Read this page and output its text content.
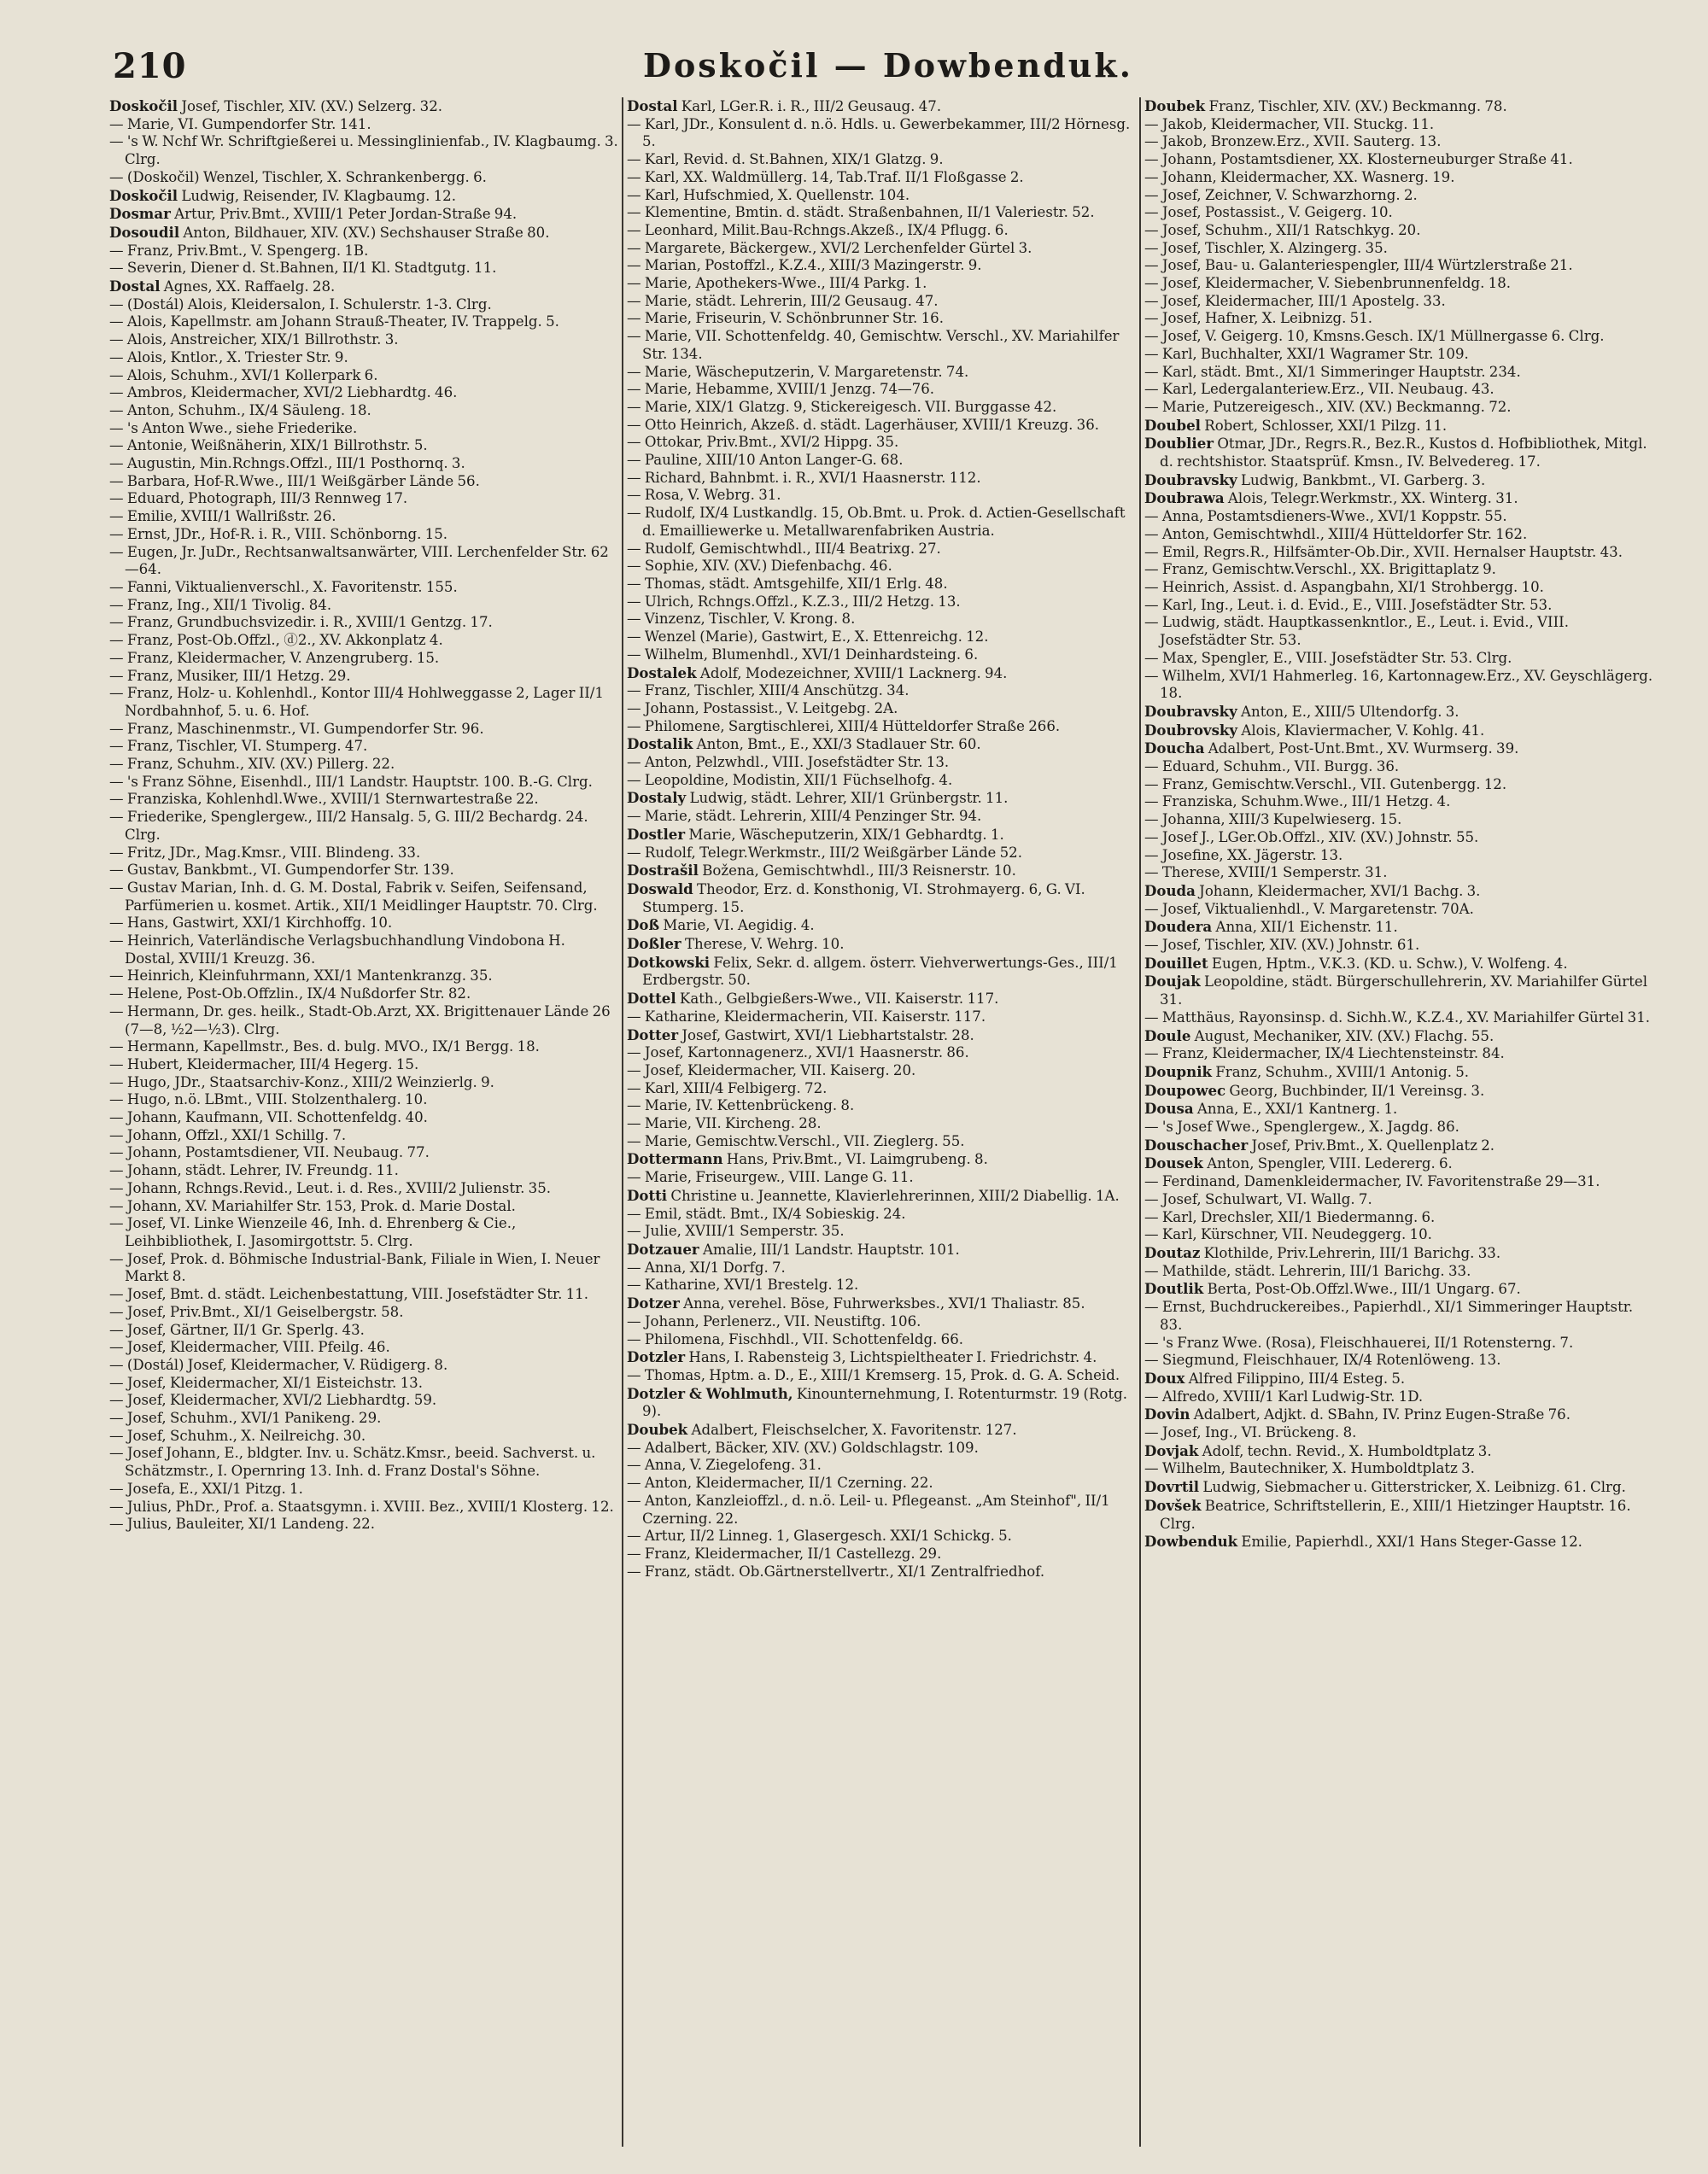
210	Doskočil — Dowbenduk.
Doskočil Josef, Tischler, XIV. (XV.) Selzerg. 32.
— Marie, VI. Gumpendorfer Str. 141.
— 's W. Nchf Wr. Schriftgießerei u. Messinglinienfab., IV. Klagbaumg. 3. Clrg.
— (Doskočil) Wenzel, Tischler, X. Schrankenbergg. 6.
Doskočil Ludwig, Reisender, IV. Klagbaumg. 12.
Dosmar Artur, Priv.Bmt., XVIII/1 Peter Jordan-Straße 94.
Dosoudil Anton, Bildhauer, XIV. (XV.) Sechshauser Straße 80.
— Franz, Priv.Bmt., V. Spengerg. 1B.
— Severin, Diener d. St.Bahnen, II/1 Kl. Stadtgutg. 11.
Dostal Agnes, XX. Raffaelg. 28.
— (Dostál) Alois, Kleidersalon, I. Schulerstr. 1-3. Clrg.
— Alois, Kapellmstr. am Johann Strauß-Theater, IV. Trappelg. 5.
— Alois, Anstreicher, XIX/1 Billrothstr. 3.
— Alois, Kntlor., X. Triester Str. 9.
— Alois, Schuhm., XVI/1 Kollerpark 6.
— Ambros, Kleidermacher, XVI/2 Liebhardtg. 46.
— Anton, Schuhm., IX/4 Säuleng. 18.
— 's Anton Wwe., siehe Friederike.
— Antonie, Weißnäherin, XIX/1 Billrothstr. 5.
— Augustin, Min.Rchngs.Offzl., III/1 Posthornq. 3.
— Barbara, Hof-R.Wwe., III/1 Weißgärber Lände 56.
— Eduard, Photograph, III/3 Rennweg 17.
— Emilie, XVIII/1 Wallrißstr. 26.
— Ernst, JDr., Hof-R. i. R., VIII. Schönborng. 15.
— Eugen, Jr. JuDr., Rechtsanwaltsanwärter, VIII. Lerchenfelder Str. 62—64.
— Fanni, Viktualienverschl., X. Favoritenstr. 155.
— Franz, Ing., XII/1 Tivolig. 84.
— Franz, Grundbuchsvizedir. i. R., XVIII/1 Gentzg. 17.
— Franz, Post-Ob.Offzl., ⓓ2., XV. Akkonplatz 4.
— Franz, Kleidermacher, V. Anzengruberg. 15.
— Franz, Musiker, III/1 Hetzg. 29.
— Franz, Holz- u. Kohlenhdl., Kontor III/4 Hohlweggasse 2, Lager II/1 Nordbahnhof, 5. u. 6. Hof.
— Franz, Maschinenmstr., VI. Gumpendorfer Str. 96.
— Franz, Tischler, VI. Stumperg. 47.
— Franz, Schuhm., XIV. (XV.) Pillerg. 22.
— 's Franz Söhne, Eisenhdl., III/1 Landstr. Hauptstr. 100. B.-G. Clrg.
— Franziska, Kohlenhdl.Wwe., XVIII/1 Sternwartestraße 22.
— Friederike, Spenglergew., III/2 Hansalg. 5, G. III/2 Bechardg. 24. Clrg.
— Fritz, JDr., Mag.Kmsr., VIII. Blindeng. 33.
— Gustav, Bankbmt., VI. Gumpendorfer Str. 139.
— Gustav Marian, Inh. d. G. M. Dostal, Fabrik v. Seifen, Seifensand, Parfümerien u. kosmet. Artik., XII/1 Meidlinger Hauptstr. 70. Clrg.
— Hans, Gastwirt, XXI/1 Kirchhoffg. 10.
— Heinrich, Vaterländische Verlagsbuchhandlung Vindobona H. Dostal, XVIII/1 Kreuzg. 36.
— Heinrich, Kleinfuhrmann, XXI/1 Mantenkranzg. 35.
— Helene, Post-Ob.Offzlin., IX/4 Nußdorfer Str. 82.
— Hermann, Dr. ges. heilk., Stadt-Ob.Arzt, XX. Brigittenauer Lände 26 (7—8, ½2—½3). Clrg.
— Hermann, Kapellmstr., Bes. d. bulg. MVO., IX/1 Bergg. 18.
— Hubert, Kleidermacher, III/4 Hegerg. 15.
— Hugo, JDr., Staatsarchiv-Konz., XIII/2 Weinzierlg. 9.
— Hugo, n.ö. LBmt., VIII. Stolzenthalerg. 10.
— Johann, Kaufmann, VII. Schottenfeldg. 40.
— Johann, Offzl., XXI/1 Schillg. 7.
— Johann, Postamtsdiener, VII. Neubaug. 77.
— Johann, städt. Lehrer, IV. Freundg. 11.
— Johann, Rchngs.Revid., Leut. i. d. Res., XVIII/2 Julienstr. 35.
— Johann, XV. Mariahilfer Str. 153, Prok. d. Marie Dostal.
— Josef, VI. Linke Wienzeile 46, Inh. d. Ehrenberg & Cie., Leihbibliothek, I. Jasomirgottstr. 5. Clrg.
— Josef, Prok. d. Böhmische Industrial-Bank, Filiale in Wien, I. Neuer Markt 8.
— Josef, Bmt. d. städt. Leichenbestattung, VIII. Josefstädter Str. 11.
— Josef, Priv.Bmt., XI/1 Geiselbergstr. 58.
— Josef, Gärtner, II/1 Gr. Sperlg. 43.
— Josef, Kleidermacher, VIII. Pfeilg. 46.
— (Dostál) Josef, Kleidermacher, V. Rüdigerg. 8.
— Josef, Kleidermacher, XI/1 Eisteichstr. 13.
— Josef, Kleidermacher, XVI/2 Liebhardtg. 59.
— Josef, Schuhm., XVI/1 Panikeng. 29.
— Josef, Schuhm., X. Neilreichg. 30.
— Josef Johann, E., bldgter. Inv. u. Schätz.Kmsr., beeid. Sachverst. u. Schätzmstr., I. Opernring 13. Inh. d. Franz Dostal's Söhne.
— Josefa, E., XXI/1 Pitzg. 1.
— Julius, PhDr., Prof. a. Staatsgymn. i. XVIII. Bez., XVIII/1 Klosterg. 12.
— Julius, Bauleiter, XI/1 Landeng. 22.
Dostal Karl, LGer.R. i. R., III/2 Geusaug. 47.
— Karl, JDr., Konsulent d. n.ö. Hdls. u. Gewerbekammer, III/2 Hörnesg. 5.
— Karl, Revid. d. St.Bahnen, XIX/1 Glatzg. 9.
— Karl, XX. Waldmüllerg. 14, Tab.Traf. II/1 Floßgasse 2.
— Karl, Hufschmied, X. Quellenstr. 104.
— Klementine, Bmtin. d. städt. Straßenbahnen, II/1 Valeriestr. 52.
— Leonhard, Milit.Bau-Rchngs.Akzeß., IX/4 Pflugg. 6.
— Margarete, Bäckergew., XVI/2 Lerchenfelder Gürtel 3.
— Marian, Postoffzl., K.Z.4., XIII/3 Mazingerstr. 9.
— Marie, Apothekers-Wwe., III/4 Parkg. 1.
— Marie, städt. Lehrerin, III/2 Geusaug. 47.
— Marie, Friseurin, V. Schönbrunner Str. 16.
— Marie, VII. Schottenfeldg. 40, Gemischtw. Verschl., XV. Mariahilfer Str. 134.
— Marie, Wäscheputzerin, V. Margaretenstr. 74.
— Marie, Hebamme, XVIII/1 Jenzg. 74—76.
— Marie, XIX/1 Glatzg. 9, Stickereigesch. VII. Burggasse 42.
— Otto Heinrich, Akzeß. d. städt. Lagerhäuser, XVIII/1 Kreuzg. 36.
— Ottokar, Priv.Bmt., XVI/2 Hippg. 35.
— Pauline, XIII/10 Anton Langer-G. 68.
— Richard, Bahnbmt. i. R., XVI/1 Haasnerstr. 112.
— Rosa, V. Webrg. 31.
— Rudolf, IX/4 Lustkandlg. 15, Ob.Bmt. u. Prok. d. Actien-Gesellschaft d. Emailliewerke u. Metallwarenfabriken Austria.
— Rudolf, Gemischtwhdl., III/4 Beatrixg. 27.
— Sophie, XIV. (XV.) Diefenbachg. 46.
— Thomas, städt. Amtsgehilfe, XII/1 Erlg. 48.
— Ulrich, Rchngs.Offzl., K.Z.3., III/2 Hetzg. 13.
— Vinzenz, Tischler, V. Krong. 8.
— Wenzel (Marie), Gastwirt, E., X. Ettenreichg. 12.
— Wilhelm, Blumenhdl., XVI/1 Deinhardsteing. 6.
Dostalek Adolf, Modezeichner, XVIII/1 Lacknerg. 94.
— Franz, Tischler, XIII/4 Anschützg. 34.
— Johann, Postassist., V. Leitgebg. 2A.
— Philomene, Sargtischlerei, XIII/4 Hütteldorfer Straße 266.
Dostalik Anton, Bmt., E., XXI/3 Stadlauer Str. 60.
— Anton, Pelzwhdl., VIII. Josefstädter Str. 13.
— Leopoldine, Modistin, XII/1 Füchselhofg. 4.
Dostaly Ludwig, städt. Lehrer, XII/1 Grünbergstr. 11.
— Marie, städt. Lehrerin, XIII/4 Penzinger Str. 94.
Dostler Marie, Wäscheputzerin, XIX/1 Gebhardtg. 1.
— Rudolf, Telegr.Werkmstr., III/2 Weißgärber Lände 52.
Dostrašil Božena, Gemischtwhdl., III/3 Reisnerstr. 10.
Doswald Theodor, Erz. d. Konsthonig, VI. Strohmayerg. 6, G. VI. Stumperg. 15.
Doß Marie, VI. Aegidig. 4.
Doßler Therese, V. Wehrg. 10.
Dotkowski Felix, Sekr. d. allgem. österr. Viehverwertungs-Ges., III/1 Erdbergstr. 50.
Dottel Kath., Gelbgießers-Wwe., VII. Kaiserstr. 117.
— Katharine, Kleidermacherin, VII. Kaiserstr. 117.
Dotter Josef, Gastwirt, XVI/1 Liebhartstalstr. 28.
— Josef, Kartonnagenerz., XVI/1 Haasnerstr. 86.
— Josef, Kleidermacher, VII. Kaiserg. 20.
— Karl, XIII/4 Felbigerg. 72.
— Marie, IV. Kettenbrückeng. 8.
— Marie, VII. Kircheng. 28.
— Marie, Gemischtw.Verschl., VII. Zieglerg. 55.
Dottermann Hans, Priv.Bmt., VI. Laimgrubeng. 8.
— Marie, Friseurgew., VIII. Lange G. 11.
Dotti Christine u. Jeannette, Klavierlehrerinnen, XIII/2 Diabellig. 1A.
— Emil, städt. Bmt., IX/4 Sobieskig. 24.
— Julie, XVIII/1 Semperstr. 35.
Dotzauer Amalie, III/1 Landstr. Hauptstr. 101.
— Anna, XI/1 Dorfg. 7.
— Katharine, XVI/1 Brestelg. 12.
Dotzer Anna, verehel. Böse, Fuhrwerksbes., XVI/1 Thaliastr. 85.
— Johann, Perlenerz., VII. Neustiftg. 106.
— Philomena, Fischhdl., VII. Schottenfeldg. 66.
Dotzler Hans, I. Rabensteig 3, Lichtspieltheater I. Friedrichstr. 4.
— Thomas, Hptm. a. D., E., XIII/1 Kremserg. 15, Prok. d. G. A. Scheid.
Dotzler & Wohlmuth, Kinounternehmung, I. Rotenturmstr. 19 (Rotg. 9).
Doubek Adalbert, Fleischselcher, X. Favoritenstr. 127.
— Adalbert, Bäcker, XIV. (XV.) Goldschlagstr. 109.
— Anna, V. Ziegelofeng. 31.
— Anton, Kleidermacher, II/1 Czerning. 22.
— Anton, Kanzleioffzl., d. n.ö. Leil- u. Pflegeanst. „Am Steinhof", II/1 Czerning. 22.
— Artur, II/2 Linneg. 1, Glasergesch. XXI/1 Schickg. 5.
— Franz, Kleidermacher, II/1 Castellezg. 29.
— Franz, städt. Ob.Gärtnerstellvertr., XI/1 Zentralfriedhof.
Doubek Franz, Tischler, XIV. (XV.) Beckmanng. 78.
— Jakob, Kleidermacher, VII. Stuckg. 11.
— Jakob, Bronzew.Erz., XVII. Sauterg. 13.
— Johann, Postamtsdiener, XX. Klosterneuburger Straße 41.
— Johann, Kleidermacher, XX. Wasnerg. 19.
— Josef, Zeichner, V. Schwarzhorng. 2.
— Josef, Postassist., V. Geigerg. 10.
— Josef, Schuhm., XII/1 Ratschkyg. 20.
— Josef, Tischler, X. Alzingerg. 35.
— Josef, Bau- u. Galanteriespengler, III/4 Würtzlerstraße 21.
— Josef, Kleidermacher, V. Siebenbrunnenfeldg. 18.
— Josef, Kleidermacher, III/1 Apostelg. 33.
— Josef, Hafner, X. Leibnizg. 51.
— Josef, V. Geigerg. 10, Kmsns.Gesch. IX/1 Müllnergasse 6. Clrg.
— Karl, Buchhalter, XXI/1 Wagramer Str. 109.
— Karl, städt. Bmt., XI/1 Simmeringer Hauptstr. 234.
— Karl, Ledergalanteriew.Erz., VII. Neubaug. 43.
— Marie, Putzereigesch., XIV. (XV.) Beckmanng. 72.
Doubel Robert, Schlosser, XXI/1 Pilzg. 11.
Doublier Otmar, JDr., Regrs.R., Bez.R., Kustos d. Hofbibliothek, Mitgl. d. rechtshistor. Staatsprüf. Kmsn., IV. Belvedereg. 17.
Doubravsky Ludwig, Bankbmt., VI. Garberg. 3.
Doubrawa Alois, Telegr.Werkmstr., XX. Winterg. 31.
— Anna, Postamtsdieners-Wwe., XVI/1 Koppstr. 55.
— Anton, Gemischtwhdl., XIII/4 Hütteldorfer Str. 162.
— Emil, Regrs.R., Hilfsämter-Ob.Dir., XVII. Hernalser Hauptstr. 43.
— Franz, Gemischtw.Verschl., XX. Brigittaplatz 9.
— Heinrich, Assist. d. Aspangbahn, XI/1 Strohbergg. 10.
— Karl, Ing., Leut. i. d. Evid., E., VIII. Josefstädter Str. 53.
— Ludwig, städt. Hauptkassenkntlor., E., Leut. i. Evid., VIII. Josefstädter Str. 53.
— Max, Spengler, E., VIII. Josefstädter Str. 53. Clrg.
— Wilhelm, XVI/1 Hahmerleg. 16, Kartonnagew.Erz., XV. Geyschlägerg. 18.
Doubravsky Anton, E., XIII/5 Ultendorfg. 3.
Doubrovsky Alois, Klaviermacher, V. Kohlg. 41.
Doucha Adalbert, Post-Unt.Bmt., XV. Wurmserg. 39.
— Eduard, Schuhm., VII. Burgg. 36.
— Franz, Gemischtw.Verschl., VII. Gutenbergg. 12.
— Franziska, Schuhm.Wwe., III/1 Hetzg. 4.
— Johanna, XIII/3 Kupelwieserg. 15.
— Josef J., LGer.Ob.Offzl., XIV. (XV.) Johnstr. 55.
— Josefine, XX. Jägerstr. 13.
— Therese, XVIII/1 Semperstr. 31.
Douda Johann, Kleidermacher, XVI/1 Bachg. 3.
— Josef, Viktualienhdl., V. Margaretenstr. 70A.
Doudera Anna, XII/1 Eichenstr. 11.
— Josef, Tischler, XIV. (XV.) Johnstr. 61.
Douillet Eugen, Hptm., V.K.3. (KD. u. Schw.), V. Wolfeng. 4.
Doujak Leopoldine, städt. Bürgerschullehrerin, XV. Mariahilfer Gürtel 31.
— Matthäus, Rayonsinsp. d. Sichh.W., K.Z.4., XV. Mariahilfer Gürtel 31.
Doule August, Mechaniker, XIV. (XV.) Flachg. 55.
— Franz, Kleidermacher, IX/4 Liechtensteinstr. 84.
Doupnik Franz, Schuhm., XVIII/1 Antonig. 5.
Doupowec Georg, Buchbinder, II/1 Vereinsg. 3.
Dousa Anna, E., XXI/1 Kantnerg. 1.
— 's Josef Wwe., Spenglergew., X. Jagdg. 86.
Douschacher Josef, Priv.Bmt., X. Quellenplatz 2.
Dousek Anton, Spengler, VIII. Ledererg. 6.
— Ferdinand, Damenkleidermacher, IV. Favoritenstraße 29—31.
— Josef, Schulwart, VI. Wallg. 7.
— Karl, Drechsler, XII/1 Biedermanng. 6.
— Karl, Kürschner, VII. Neudeggerg. 10.
Doutaz Klothilde, Priv.Lehrerin, III/1 Barichg. 33.
— Mathilde, städt. Lehrerin, III/1 Barichg. 33.
Doutlik Berta, Post-Ob.Offzl.Wwe., III/1 Ungarg. 67.
— Ernst, Buchdruckereibes., Papierhdl., XI/1 Simmeringer Hauptstr. 83.
— 's Franz Wwe. (Rosa), Fleischhauerei, II/1 Rotensterng. 7.
— Siegmund, Fleischhauer, IX/4 Rotenlöweng. 13.
Doux Alfred Filippino, III/4 Esteg. 5.
— Alfredo, XVIII/1 Karl Ludwig-Str. 1D.
Dovin Adalbert, Adjkt. d. SBahn, IV. Prinz Eugen-Straße 76.
— Josef, Ing., VI. Brückeng. 8.
Dovjak Adolf, techn. Revid., X. Humboldtplatz 3.
— Wilhelm, Bautechniker, X. Humboldtplatz 3.
Dovrtil Ludwig, Siebmacher u. Gitterstricker, X. Leibnizg. 61. Clrg.
Dovšek Beatrice, Schriftstellerin, E., XIII/1 Hietzinger Hauptstr. 16. Clrg.
Dowbenduk Emilie, Papierhdl., XXI/1 Hans Steger-Gasse 12.
